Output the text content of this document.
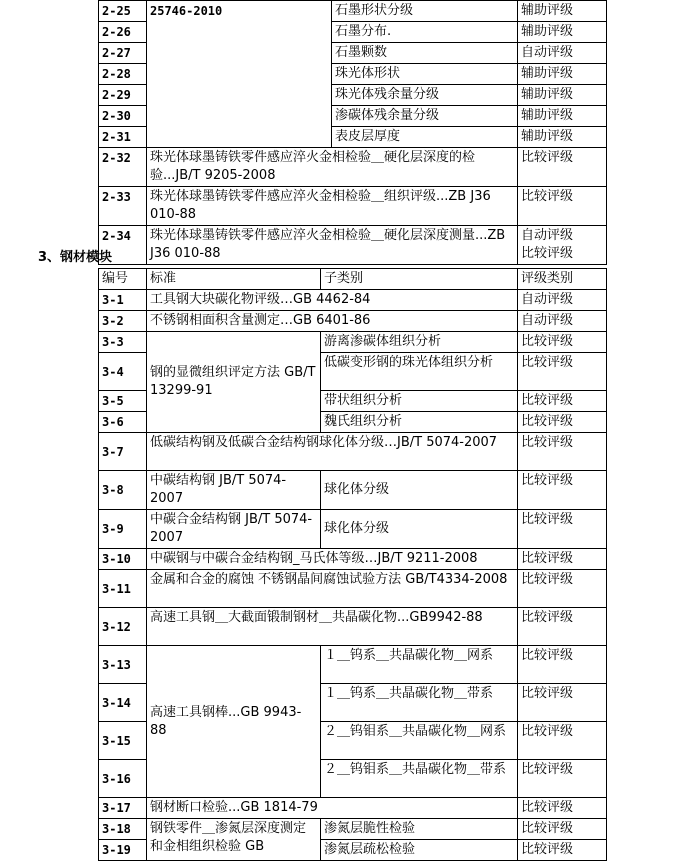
2-25	25746-2010	石墨形状分级	辅助评级
2-26		石墨分布.	辅助评级
2-27		石墨颗数	自动评级
2-28		珠光体形状	辅助评级
2-29		珠光体残余量分级	辅助评级
2-30		渗碳体残余量分级	辅助评级
2-31		表皮层厚度	辅助评级
2-32	珠光体球墨铸铁零件感应淬火金相检验＿硬化层深度的检验...JB/T 9205-2008		比较评级
2-33	珠光体球墨铸铁零件感应淬火金相检验＿组织评级...ZB J36 010-88		比较评级
2-34	珠光体球墨铸铁零件感应淬火金相检验＿硬化层深度测量...ZB J36 010-88		自动评级
比较评级
3、钢材模块
编号	标准	子类别	评级类别
3-1	工具钢大块碳化物评级…GB 4462-84		自动评级
3-2	不锈钢相面积含量测定…GB 6401-86		自动评级
3-3	钢的显微组织评定方法 GB/T 13299-91	游离渗碳体组织分析	比较评级
3-4		低碳变形钢的珠光体组织分析	比较评级
3-5		带状组织分析	比较评级
3-6		魏氏组织分析	比较评级
3-7	低碳结构钢及低碳合金结构钢球化体分级…JB/T 5074-2007		比较评级
3-8	中碳结构钢 JB/T 5074-2007	球化体分级	比较评级
3-9	中碳合金结构钢 JB/T 5074-2007	球化体分级	比较评级
3-10	中碳钢与中碳合金结构钢_马氏体等级…JB/T 9211-2008		比较评级
3-11	金属和合金的腐蚀 不锈钢晶间腐蚀试验方法 GB/T4334-2008		比较评级
3-12	高速工具钢＿大截面锻制钢材＿共晶碳化物...GB9942-88		比较评级
3-13	高速工具钢棒...GB 9943-88	１＿钨系＿共晶碳化物＿网系	比较评级
3-14		１＿钨系＿共晶碳化物＿带系	比较评级
3-15		２＿钨钼系＿共晶碳化物＿网系	比较评级
3-16		２＿钨钼系＿共晶碳化物＿带系	比较评级
3-17	钢材断口检验...GB 1814-79		比较评级
3-18	钢铁零件＿渗氮层深度测定和金相组织检验 GB	渗氮层脆性检验	比较评级
3-19		渗氮层疏松检验	比较评级
